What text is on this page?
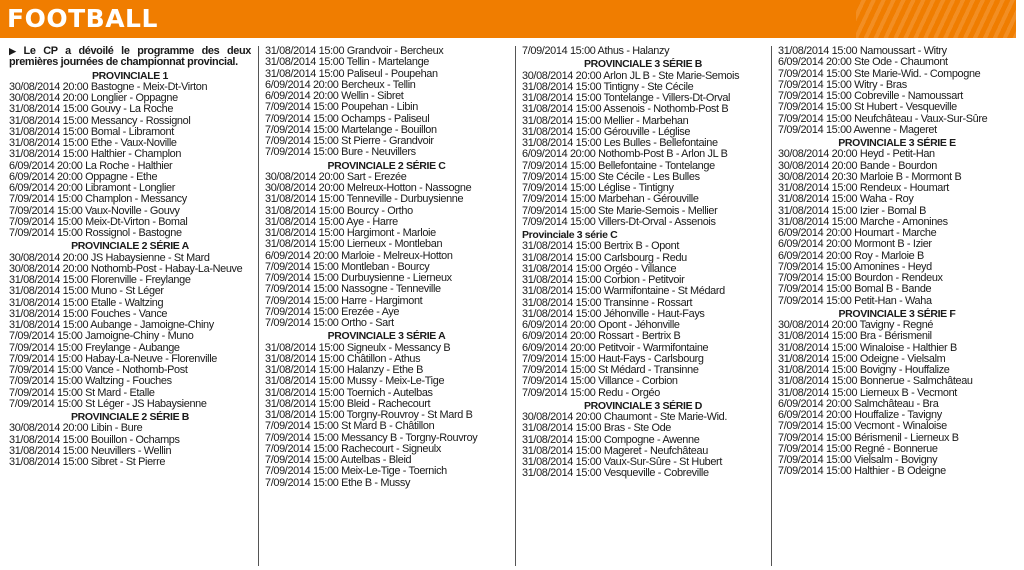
FOOTBALL
▶ Le CP a dévoilé le programme des deux premières journées de championnat provincial.
PROVINCIALE 1
30/08/2014 20:00 Bastogne - Meix-Dt-Virton
30/08/2014 20:00 Longlier - Oppagne
31/08/2014 15:00 Gouvy - La Roche
31/08/2014 15:00 Messancy - Rossignol
31/08/2014 15:00 Bomal - Libramont
31/08/2014 15:00 Ethe - Vaux-Noville
31/08/2014 15:00 Halthier - Champlon
6/09/2014 20:00 La Roche - Halthier
6/09/2014 20:00 Oppagne - Ethe
6/09/2014 20:00 Libramont - Longlier
7/09/2014 15:00 Champlon - Messancy
7/09/2014 15:00 Vaux-Noville - Gouvy
7/09/2014 15:00 Meix-Dt-Virton - Bomal
7/09/2014 15:00 Rossignol - Bastogne
PROVINCIALE 2 SÉRIE A
30/08/2014 20:00 JS Habaysienne - St Mard
30/08/2014 20:00 Nothomb-Post - Habay-La-Neuve
31/08/2014 15:00 Florenville - Freylange
31/08/2014 15:00 Muno - St Léger
31/08/2014 15:00 Etalle - Waltzing
31/08/2014 15:00 Fouches - Vance
31/08/2014 15:00 Aubange - Jamoigne-Chiny
7/09/2014 15:00 Jamoigne-Chiny - Muno
7/09/2014 15:00 Freylange - Aubange
7/09/2014 15:00 Habay-La-Neuve - Florenville
7/09/2014 15:00 Vance - Nothomb-Post
7/09/2014 15:00 Waltzing - Fouches
7/09/2014 15:00 St Mard - Etalle
7/09/2014 15:00 St Léger - JS Habaysienne
PROVINCIALE 2 SÉRIE B
30/08/2014 20:00 Libin - Bure
31/08/2014 15:00 Bouillon - Ochamps
31/08/2014 15:00 Neuvillers - Wellin
31/08/2014 15:00 Sibret - St Pierre
31/08/2014 15:00 Grandvoir - Bercheux
31/08/2014 15:00 Tellin - Martelange
31/08/2014 15:00 Paliseul - Poupehan
6/09/2014 20:00 Bercheux - Tellin
6/09/2014 20:00 Wellin - Sibret
7/09/2014 15:00 Poupehan - Libin
7/09/2014 15:00 Ochamps - Paliseul
7/09/2014 15:00 Martelange - Bouillon
7/09/2014 15:00 St Pierre - Grandvoir
7/09/2014 15:00 Bure - Neuvillers
PROVINCIALE 2 SÉRIE C
30/08/2014 20:00 Sart - Erezée
30/08/2014 20:00 Melreux-Hotton - Nassogne
31/08/2014 15:00 Tenneville - Durbuysienne
31/08/2014 15:00 Bourcy - Ortho
31/08/2014 15:00 Aye - Harre
31/08/2014 15:00 Hargimont - Marloie
31/08/2014 15:00 Lierneux - Montleban
6/09/2014 20:00 Marloie - Melreux-Hotton
7/09/2014 15:00 Montleban - Bourcy
7/09/2014 15:00 Durbuysienne - Lierneux
7/09/2014 15:00 Nassogne - Tenneville
7/09/2014 15:00 Harre - Hargimont
7/09/2014 15:00 Erezée - Aye
7/09/2014 15:00 Ortho - Sart
PROVINCIALE 3 SÉRIE A
31/08/2014 15:00 Signeulx - Messancy B
31/08/2014 15:00 Châtillon - Athus
31/08/2014 15:00 Halanzy - Ethe B
31/08/2014 15:00 Mussy - Meix-Le-Tige
31/08/2014 15:00 Toernich - Autelbas
31/08/2014 15:00 Bleid - Rachecourt
31/08/2014 15:00 Torgny-Rouvroy - St Mard B
7/09/2014 15:00 St Mard B - Châtillon
7/09/2014 15:00 Messancy B - Torgny-Rouvroy
7/09/2014 15:00 Rachecourt - Signeulx
7/09/2014 15:00 Autelbas - Bleid
7/09/2014 15:00 Meix-Le-Tige - Toernich
7/09/2014 15:00 Ethe B - Mussy
7/09/2014 15:00 Athus - Halanzy
PROVINCIALE 3 SÉRIE B
30/08/2014 20:00 Arlon JL B - Ste Marie-Semois
31/08/2014 15:00 Tintigny - Ste Cécile
31/08/2014 15:00 Tontelange - Villers-Dt-Orval
31/08/2014 15:00 Assenois - Nothomb-Post B
31/08/2014 15:00 Mellier - Marbehan
31/08/2014 15:00 Gérouville - Léglise
31/08/2014 15:00 Les Bulles - Bellefontaine
6/09/2014 20:00 Nothomb-Post B - Arlon JL B
7/09/2014 15:00 Bellefontaine - Tontelange
7/09/2014 15:00 Ste Cécile - Les Bulles
7/09/2014 15:00 Léglise - Tintigny
7/09/2014 15:00 Marbehan - Gérouville
7/09/2014 15:00 Ste Marie-Semois - Mellier
7/09/2014 15:00 Villers-Dt-Orval - Assenois
Provinciale 3 série C
31/08/2014 15:00 Bertrix B - Opont
31/08/2014 15:00 Carlsbourg - Redu
31/08/2014 15:00 Orgéo - Villance
31/08/2014 15:00 Corbion - Petitvoir
31/08/2014 15:00 Warmifontaine - St Médard
31/08/2014 15:00 Transinne - Rossart
31/08/2014 15:00 Jéhonville - Haut-Fays
6/09/2014 20:00 Opont - Jéhonville
6/09/2014 20:00 Rossart - Bertrix B
6/09/2014 20:00 Petitvoir - Warmifontaine
7/09/2014 15:00 Haut-Fays - Carlsbourg
7/09/2014 15:00 St Médard - Transinne
7/09/2014 15:00 Villance - Corbion
7/09/2014 15:00 Redu - Orgéo
PROVINCIALE 3 SÉRIE D
30/08/2014 20:00 Chaumont - Ste Marie-Wid.
31/08/2014 15:00 Bras - Ste Ode
31/08/2014 15:00 Compogne - Awenne
31/08/2014 15:00 Mageret - Neufchâteau
31/08/2014 15:00 Vaux-Sur-Sûre - St Hubert
31/08/2014 15:00 Vesqueville - Cobreville
31/08/2014 15:00 Namoussart - Witry
6/09/2014 20:00 Ste Ode - Chaumont
7/09/2014 15:00 Ste Marie-Wid. - Compogne
7/09/2014 15:00 Witry - Bras
7/09/2014 15:00 Cobreville - Namoussart
7/09/2014 15:00 St Hubert - Vesqueville
7/09/2014 15:00 Neufchâteau - Vaux-Sur-Sûre
7/09/2014 15:00 Awenne - Mageret
PROVINCIALE 3 SÉRIE E
30/08/2014 20:00 Heyd - Petit-Han
30/08/2014 20:00 Bande - Bourdon
30/08/2014 20:30 Marloie B - Mormont B
31/08/2014 15:00 Rendeux - Houmart
31/08/2014 15:00 Waha - Roy
31/08/2014 15:00 Izier - Bomal B
31/08/2014 15:00 Marche - Amonines
6/09/2014 20:00 Houmart - Marche
6/09/2014 20:00 Mormont B - Izier
6/09/2014 20:00 Roy - Marloie B
7/09/2014 15:00 Amonines - Heyd
7/09/2014 15:00 Bourdon - Rendeux
7/09/2014 15:00 Bomal B - Bande
7/09/2014 15:00 Petit-Han - Waha
PROVINCIALE 3 SÉRIE F
30/08/2014 20:00 Tavigny - Regné
31/08/2014 15:00 Bra - Bérismenil
31/08/2014 15:00 Winaloise - Halthier B
31/08/2014 15:00 Odeigne - Vielsalm
31/08/2014 15:00 Bovigny - Houffalize
31/08/2014 15:00 Bonnerue - Salmchâteau
31/08/2014 15:00 Lierneux B - Vecmont
6/09/2014 20:00 Salmchâteau - Bra
6/09/2014 20:00 Houffalize - Tavigny
7/09/2014 15:00 Vecmont - Winaloise
7/09/2014 15:00 Bérismenil - Lierneux B
7/09/2014 15:00 Regné - Bonnerue
7/09/2014 15:00 Vielsalm - Bovigny
7/09/2014 15:00 Halthier - B Odeigne
